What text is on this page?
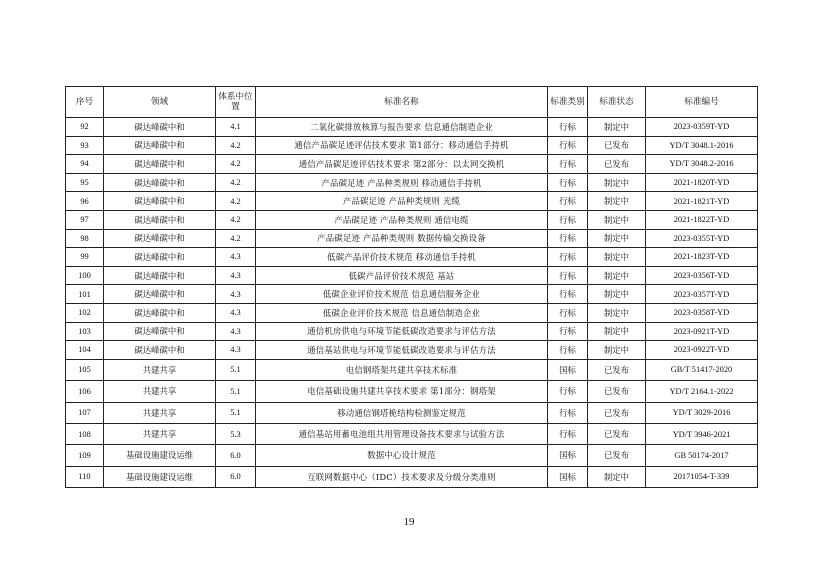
序号	领域	体系中位置	标准名称	标准类别	标准状态	标准编号
92	碳达峰碳中和	4.1	二氧化碳排放核算与报告要求 信息通信制造企业	行标	制定中	2023-0359T-YD
93	碳达峰碳中和	4.2	通信产品碳足迹评估技术要求 第1部分：移动通信手持机	行标	已发布	YD/T 3048.1-2016
94	碳达峰碳中和	4.2	通信产品碳足迹评估技术要求 第2部分：以太网交换机	行标	已发布	YD/T 3048.2-2016
95	碳达峰碳中和	4.2	产品碳足迹 产品种类规则 移动通信手持机	行标	制定中	2021-1820T-YD
96	碳达峰碳中和	4.2	产品碳足迹 产品种类规则 光缆	行标	制定中	2021-1821T-YD
97	碳达峰碳中和	4.2	产品碳足迹 产品种类规则 通信电缆	行标	制定中	2021-1822T-YD
98	碳达峰碳中和	4.2	产品碳足迹 产品种类规则 数据传输交换设备	行标	制定中	2023-0355T-YD
99	碳达峰碳中和	4.3	低碳产品评价技术规范 移动通信手持机	行标	制定中	2021-1823T-YD
100	碳达峰碳中和	4.3	低碳产品评价技术规范 基站	行标	制定中	2023-0356T-YD
101	碳达峰碳中和	4.3	低碳企业评价技术规范 信息通信服务企业	行标	制定中	2023-0357T-YD
102	碳达峰碳中和	4.3	低碳企业评价技术规范 信息通信制造企业	行标	制定中	2023-0358T-YD
103	碳达峰碳中和	4.3	通信机房供电与环境节能低碳改造要求与评估方法	行标	制定中	2023-0921T-YD
104	碳达峰碳中和	4.3	通信基站供电与环境节能低碳改造要求与评估方法	行标	制定中	2023-0922T-YD
105	共建共享	5.1	电信钢塔架共建共享技术标准	国标	已发布	GB/T 51417-2020
106	共建共享	5.1	电信基础设施共建共享技术要求 第1部分：钢塔架	行标	已发布	YD/T 2164.1-2022
107	共建共享	5.1	移动通信钢塔桅结构检测鉴定规范	行标	已发布	YD/T 3029-2016
108	共建共享	5.3	通信基站用蓄电池组共用管理设备技术要求与试验方法	行标	已发布	YD/T 3946-2021
109	基础设施建设运维	6.0	数据中心设计规范	国标	已发布	GB 50174-2017
110	基础设施建设运维	6.0	互联网数据中心（IDC）技术要求及分级分类准则	国标	制定中	20171054-T-339
19
